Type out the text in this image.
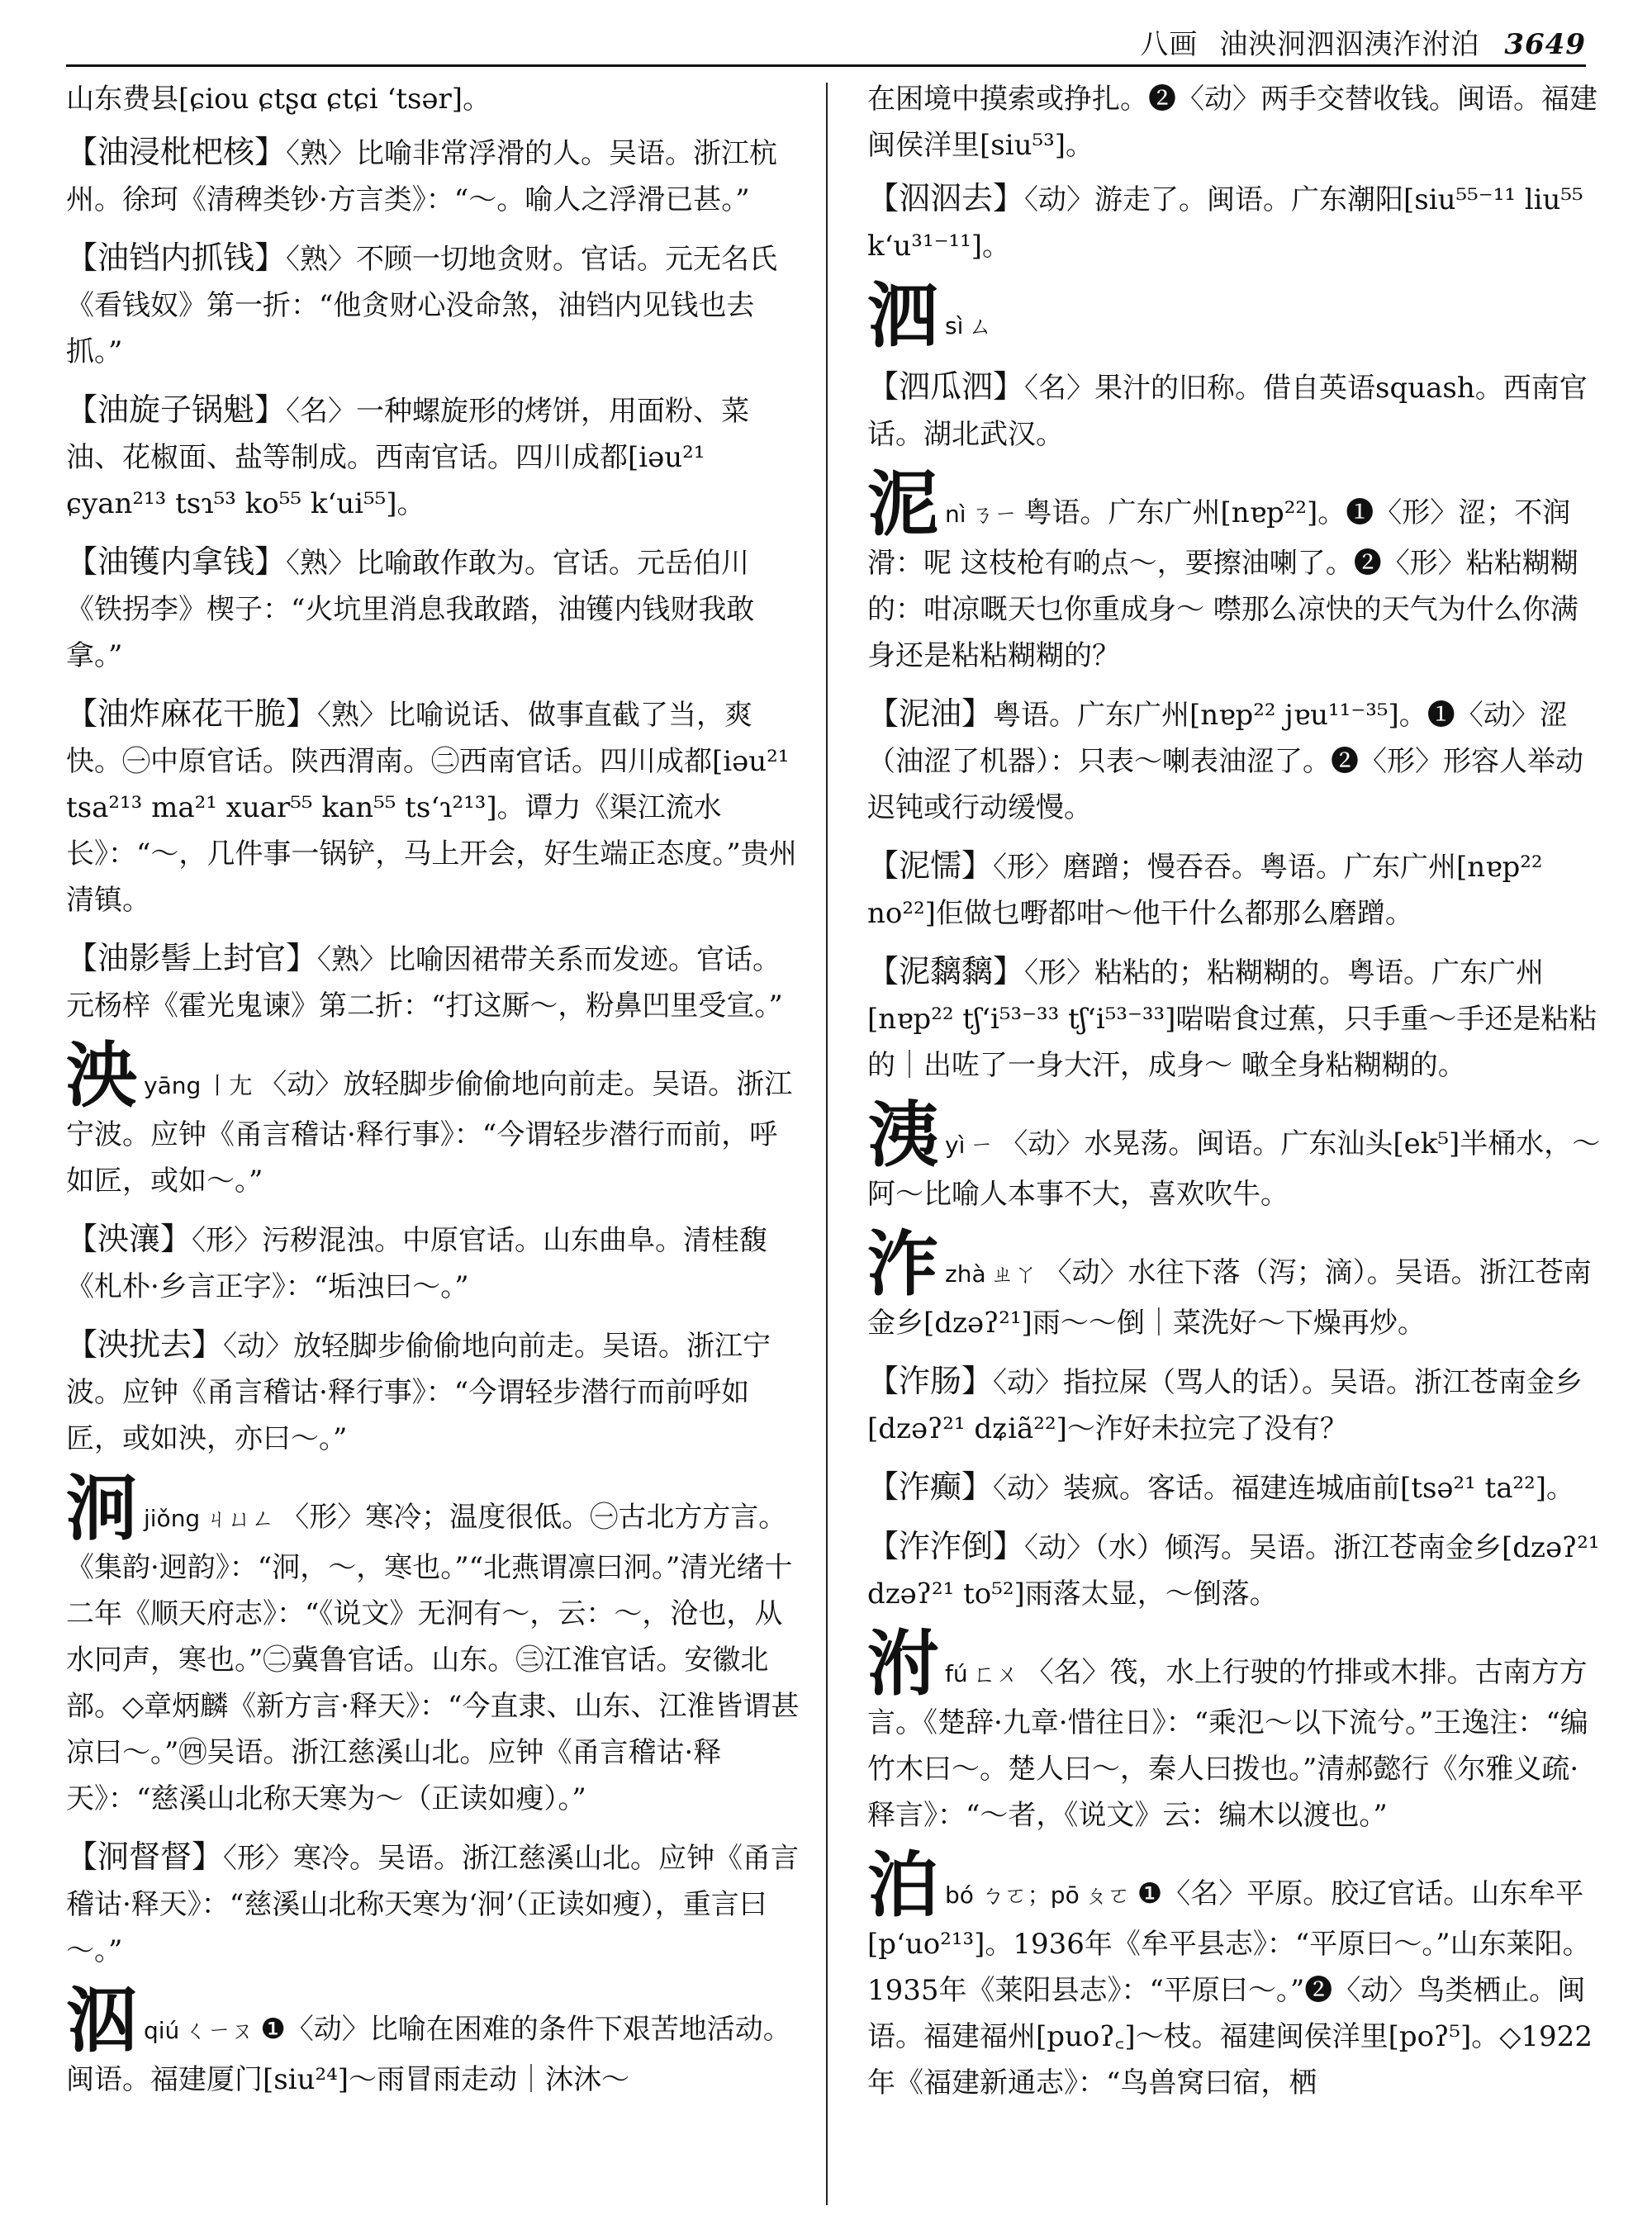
八画 油泱泂泗泅洟泎泭泊 3649
山东费县[ɕiou ɕtʂɑ ɕtɕi ʻtsər]。
【油浸枇杷核】〈熟〉比喻非常浮滑的人。吴语。浙江杭州。徐珂《清稗类钞·方言类》：“～。喻人之浮滑已甚。”
【油铛内抓钱】〈熟〉不顾一切地贪财。官话。元无名氏《看钱奴》第一折：“他贪财心没命煞，油铛内见钱也去抓。”
【油旋子锅魁】〈名〉一种螺旋形的烤饼，用面粉、菜油、花椒面、盐等制成。西南官话。四川成都[iəu²¹ ɕyan²¹³ tsɿ⁵³ ko⁵⁵ kʻui⁵⁵]。
【油镬内拿钱】〈熟〉比喻敢作敢为。官话。元岳伯川《铁拐李》楔子：“火坑里消息我敢踏，油镬内钱财我敢拿。”
【油炸麻花干脆】〈熟〉比喻说话、做事直截了当，爽快。㊀中原官话。陕西渭南。㊁西南官话。四川成都[iəu²¹ tsa²¹³ ma²¹ xuar⁵⁵ kan⁵⁵ tsʻɿ²¹³]。谭力《渠江流水长》：“～，几件事一锅铲，马上开会，好生端正态度。”贵州清镇。
【油影髻上封官】〈熟〉比喻因裙带关系而发迹。官话。元杨梓《霍光鬼谏》第二折：“打这厮～，粉鼻凹里受宣。”
泱yāng 丨尢 〈动〉放轻脚步偷偷地向前走。吴语。浙江宁波。应钟《甬言稽诂·释行事》：“今谓轻步潜行而前，呼如匠，或如～。”
【泱瀼】〈形〉污秽混浊。中原官话。山东曲阜。清桂馥《札朴·乡言正字》：“垢浊曰～。”
【泱扰去】〈动〉放轻脚步偷偷地向前走。吴语。浙江宁波。应钟《甬言稽诂·释行事》：“今谓轻步潜行而前呼如匠，或如泱，亦曰～。”
泂jiǒng ㄐㄩㄥ 〈形〉寒冷；温度很低。㊀古北方方言。《集韵·迥韵》：“泂，～，寒也。”“北燕谓凛曰泂。”清光绪十二年《顺天府志》：“《说文》无泂有～，云：～，沧也，从水冋声，寒也。”㊁冀鲁官话。山东。㊂江淮官话。安徽北部。◇章炳麟《新方言·释天》：“今直隶、山东、江淮皆谓甚凉曰～。”㊃吴语。浙江慈溪山北。应钟《甬言稽诂·释天》：“慈溪山北称天寒为～（正读如瘦）。”
【泂督督】〈形〉寒冷。吴语。浙江慈溪山北。应钟《甬言稽诂·释天》：“慈溪山北称天寒为‘泂’（正读如瘦），重言曰～。”
泅qiú ㄑㄧㄡ ❶〈动〉比喻在困难的条件下艰苦地活动。闽语。福建厦门[siu²⁴]～雨冒雨走动｜沐沐～
在困境中摸索或挣扎。❷〈动〉两手交替收钱。闽语。福建闽侯洋里[siu⁵³]。
【泅泅去】〈动〉游走了。闽语。广东潮阳[siu⁵⁵⁻¹¹ liu⁵⁵ kʻu³¹⁻¹¹]。
泗sì ㄙ
【泗瓜泗】〈名〉果汁的旧称。借自英语squash。西南官话。湖北武汉。
泥nì ㄋㄧ 粤语。广东广州[nɐp²²]。❶〈形〉涩；不润滑：呢 这枝枪有啲点～，要擦油喇了。❷〈形〉粘粘糊糊的：咁凉嘅天乜你重成身～ 噤那么凉快的天气为什么你满身还是粘粘糊糊的？
【泥油】粤语。广东广州[nɐp²² jɐu¹¹⁻³⁵]。❶〈动〉涩（油涩了机器）：只表～喇表油涩了。❷〈形〉形容人举动迟钝或行动缓慢。
【泥懦】〈形〉磨蹭；慢吞吞。粤语。广东广州[nɐp²² no²²]佢做乜嘢都咁～他干什么都那么磨蹭。
【泥黐黐】〈形〉粘粘的；粘糊糊的。粤语。广东广州[nɐp²² tʃʻi⁵³⁻³³ tʃʻi⁵³⁻³³]啱啱食过蕉，只手重～手还是粘粘的｜出咗了一身大汗，成身～ 噉全身粘糊糊的。
洟yì ㄧ 〈动〉水晃荡。闽语。广东汕头[ek⁵]半桶水，～阿～比喻人本事不大，喜欢吹牛。
泎zhà ㄓㄚ 〈动〉水往下落（泻；滴）。吴语。浙江苍南金乡[dzəʔ²¹]雨～～倒｜菜洗好～下燥再炒。
【泎肠】〈动〉指拉屎（骂人的话）。吴语。浙江苍南金乡[dzəʔ²¹ dʑiã²²]～泎好未拉完了没有？
【泎癫】〈动〉装疯。客话。福建连城庙前[tsə²¹ ta²²]。
【泎泎倒】〈动〉（水）倾泻。吴语。浙江苍南金乡[dzəʔ²¹ dzəʔ²¹ to⁵²]雨落太显，～倒落。
泭fú ㄈㄨ 〈名〉筏，水上行驶的竹排或木排。古南方方言。《楚辞·九章·惜往日》：“乘氾～以下流兮。”王逸注：“编竹木曰～。楚人曰～，秦人曰拨也。”清郝懿行《尔雅义疏·释言》：“～者，《说文》云：编木以渡也。”
泊bó ㄅㄛ；pō ㄆㄛ ❶〈名〉平原。胶辽官话。山东牟平[pʻuo²¹³]。1936年《牟平县志》：“平原曰～。”山东莱阳。1935年《莱阳县志》：“平原曰～。”❷〈动〉鸟类栖止。闽语。福建福州[puoʔ꜀]～枝。福建闽侯洋里[poʔ⁵]。◇1922年《福建新通志》：“鸟兽窝曰宿，栖
